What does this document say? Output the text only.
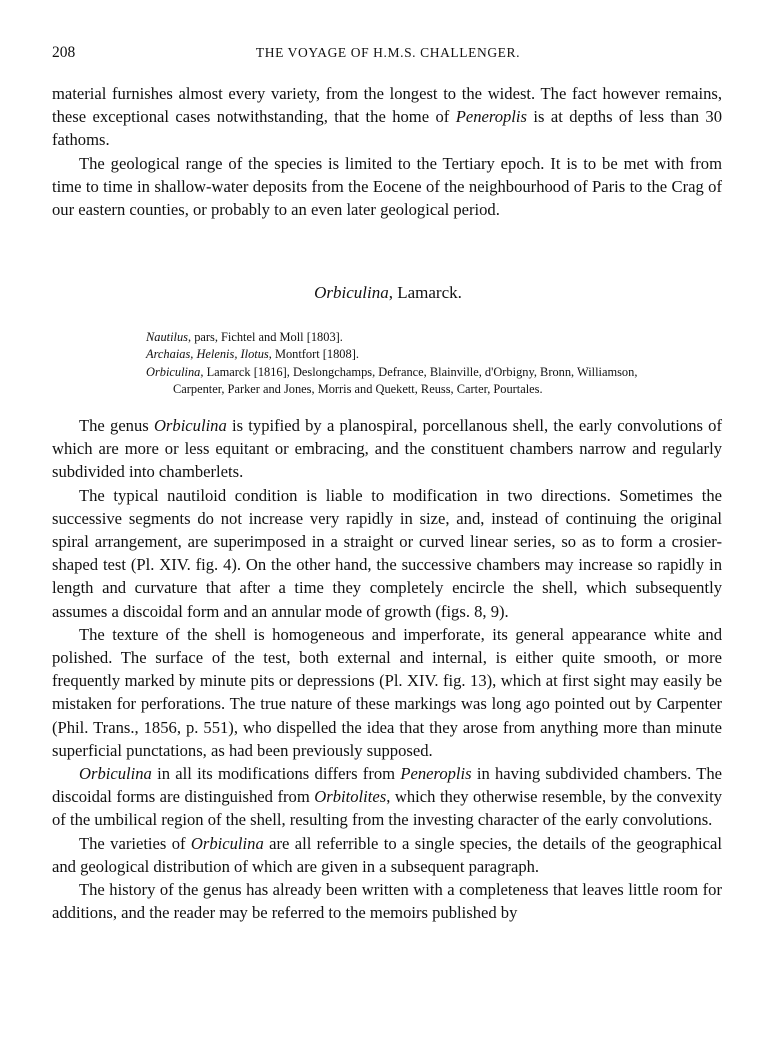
208	THE VOYAGE OF H.M.S. CHALLENGER.

material furnishes almost every variety, from the longest to the widest. The fact however remains, these exceptional cases notwithstanding, that the home of Peneroplis is at depths of less than 30 fathoms.

The geological range of the species is limited to the Tertiary epoch. It is to be met with from time to time in shallow-water deposits from the Eocene of the neighbourhood of Paris to the Crag of our eastern counties, or probably to an even later geological period.

Orbiculina, Lamarck.
Nautilus, pars, Fichtel and Moll [1803].
Archaias, Helenis, Ilotus, Montfort [1808].
Orbiculina, Lamarck [1816], Deslongchamps, Defrance, Blainville, d'Orbigny, Bronn, Williamson,
Carpenter, Parker and Jones, Morris and Quekett, Reuss, Carter, Pourtales.

The genus Orbiculina is typified by a planospiral, porcellanous shell, the early convolutions of which are more or less equitant or embracing, and the constituent chambers narrow and regularly subdivided into chamberlets.

The typical nautiloid condition is liable to modification in two directions. Sometimes the successive segments do not increase very rapidly in size, and, instead of continuing the original spiral arrangement, are superimposed in a straight or curved linear series, so as to form a crosier-shaped test (Pl. XIV. fig. 4). On the other hand, the successive chambers may increase so rapidly in length and curvature that after a time they completely encircle the shell, which subsequently assumes a discoidal form and an annular mode of growth (figs. 8, 9).

The texture of the shell is homogeneous and imperforate, its general appearance white and polished. The surface of the test, both external and internal, is either quite smooth, or more frequently marked by minute pits or depressions (Pl. XIV. fig. 13), which at first sight may easily be mistaken for perforations. The true nature of these markings was long ago pointed out by Carpenter (Phil. Trans., 1856, p. 551), who dispelled the idea that they arose from anything more than minute superficial punctations, as had been previously supposed.

Orbiculina in all its modifications differs from Peneroplis in having subdivided chambers. The discoidal forms are distinguished from Orbitolites, which they otherwise resemble, by the convexity of the umbilical region of the shell, resulting from the investing character of the early convolutions.

The varieties of Orbiculina are all referrible to a single species, the details of the geographical and geological distribution of which are given in a subsequent paragraph.

The history of the genus has already been written with a completeness that leaves little room for additions, and the reader may be referred to the memoirs published by
